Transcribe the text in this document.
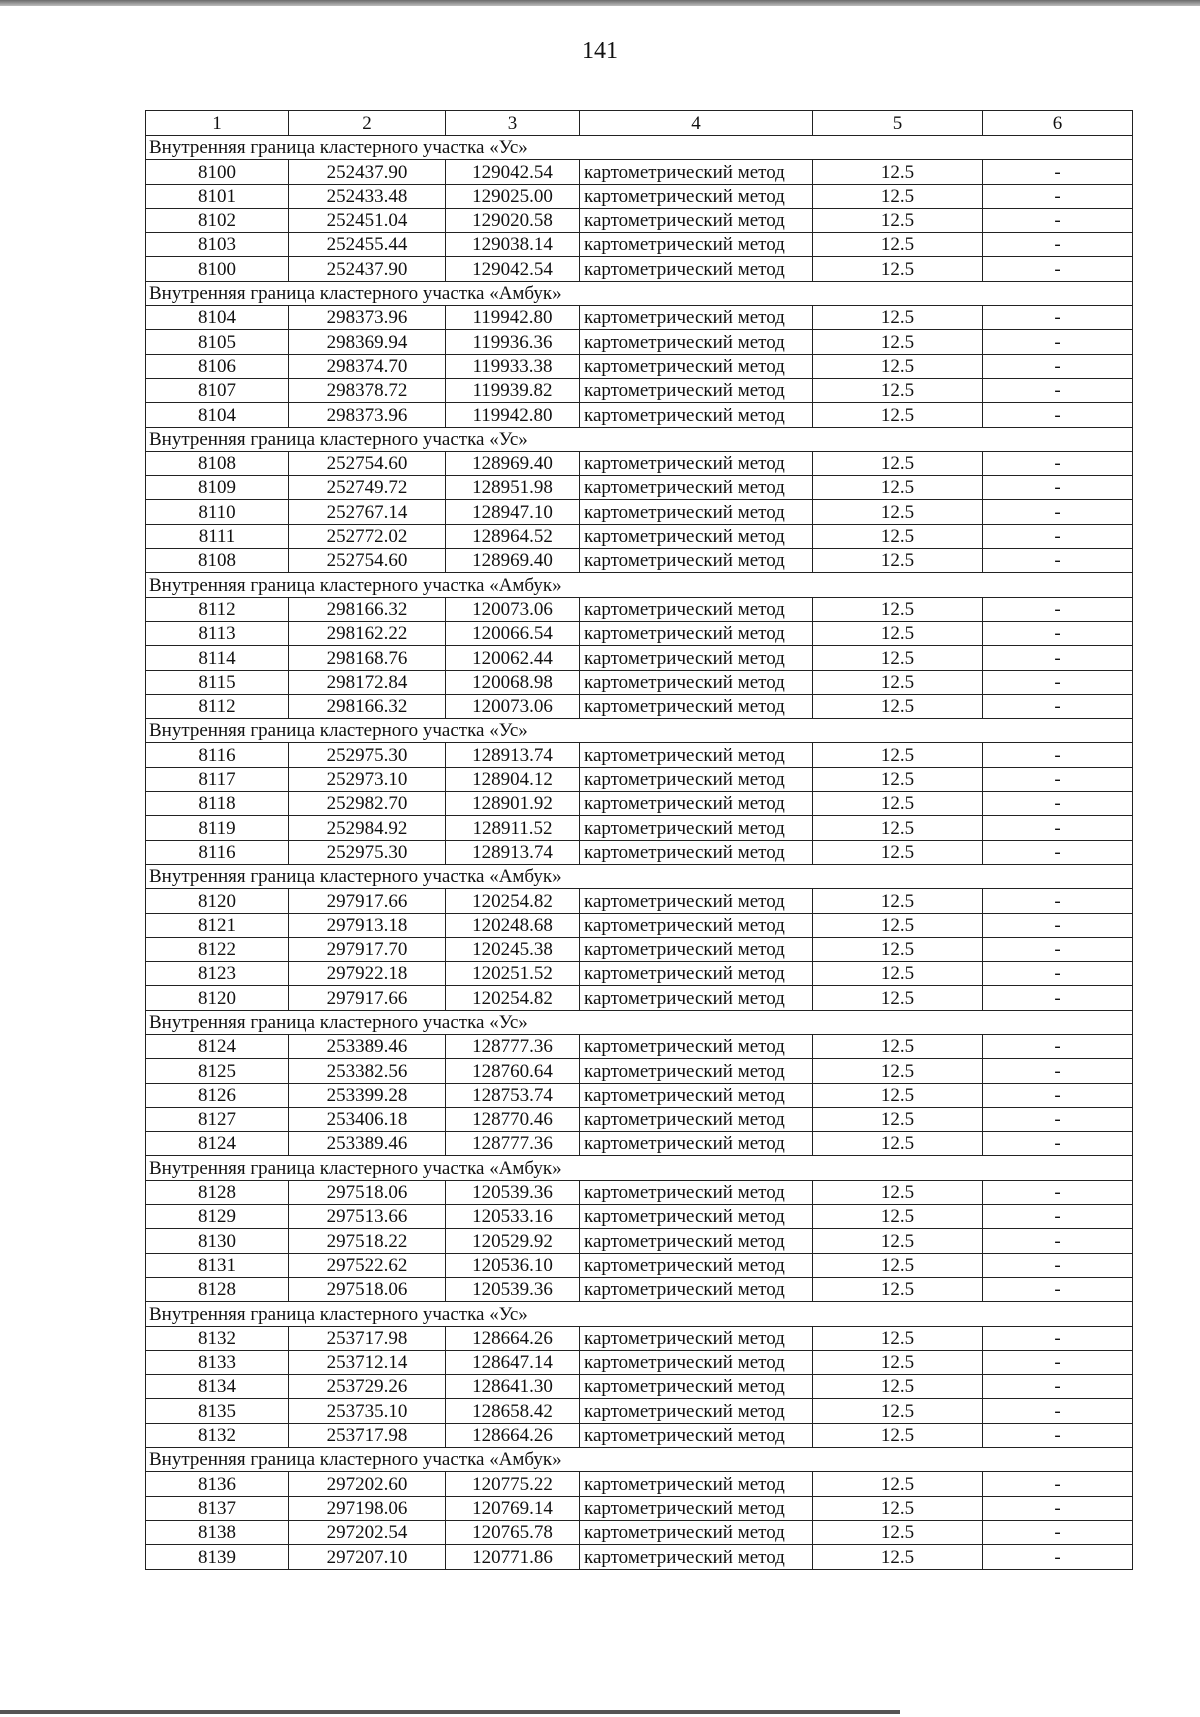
141
1	2	3	4	5	6
Внутренняя граница кластерного участка «Ус»					
8100	252437.90	129042.54	картометрический метод	12.5	-
8101	252433.48	129025.00	картометрический метод	12.5	-
8102	252451.04	129020.58	картометрический метод	12.5	-
8103	252455.44	129038.14	картометрический метод	12.5	-
8100	252437.90	129042.54	картометрический метод	12.5	-
Внутренняя граница кластерного участка «Амбук»					
8104	298373.96	119942.80	картометрический метод	12.5	-
8105	298369.94	119936.36	картометрический метод	12.5	-
8106	298374.70	119933.38	картометрический метод	12.5	-
8107	298378.72	119939.82	картометрический метод	12.5	-
8104	298373.96	119942.80	картометрический метод	12.5	-
Внутренняя граница кластерного участка «Ус»					
8108	252754.60	128969.40	картометрический метод	12.5	-
8109	252749.72	128951.98	картометрический метод	12.5	-
8110	252767.14	128947.10	картометрический метод	12.5	-
8111	252772.02	128964.52	картометрический метод	12.5	-
8108	252754.60	128969.40	картометрический метод	12.5	-
Внутренняя граница кластерного участка «Амбук»					
8112	298166.32	120073.06	картометрический метод	12.5	-
8113	298162.22	120066.54	картометрический метод	12.5	-
8114	298168.76	120062.44	картометрический метод	12.5	-
8115	298172.84	120068.98	картометрический метод	12.5	-
8112	298166.32	120073.06	картометрический метод	12.5	-
Внутренняя граница кластерного участка «Ус»					
8116	252975.30	128913.74	картометрический метод	12.5	-
8117	252973.10	128904.12	картометрический метод	12.5	-
8118	252982.70	128901.92	картометрический метод	12.5	-
8119	252984.92	128911.52	картометрический метод	12.5	-
8116	252975.30	128913.74	картометрический метод	12.5	-
Внутренняя граница кластерного участка «Амбук»					
8120	297917.66	120254.82	картометрический метод	12.5	-
8121	297913.18	120248.68	картометрический метод	12.5	-
8122	297917.70	120245.38	картометрический метод	12.5	-
8123	297922.18	120251.52	картометрический метод	12.5	-
8120	297917.66	120254.82	картометрический метод	12.5	-
Внутренняя граница кластерного участка «Ус»					
8124	253389.46	128777.36	картометрический метод	12.5	-
8125	253382.56	128760.64	картометрический метод	12.5	-
8126	253399.28	128753.74	картометрический метод	12.5	-
8127	253406.18	128770.46	картометрический метод	12.5	-
8124	253389.46	128777.36	картометрический метод	12.5	-
Внутренняя граница кластерного участка «Амбук»					
8128	297518.06	120539.36	картометрический метод	12.5	-
8129	297513.66	120533.16	картометрический метод	12.5	-
8130	297518.22	120529.92	картометрический метод	12.5	-
8131	297522.62	120536.10	картометрический метод	12.5	-
8128	297518.06	120539.36	картометрический метод	12.5	-
Внутренняя граница кластерного участка «Ус»					
8132	253717.98	128664.26	картометрический метод	12.5	-
8133	253712.14	128647.14	картометрический метод	12.5	-
8134	253729.26	128641.30	картометрический метод	12.5	-
8135	253735.10	128658.42	картометрический метод	12.5	-
8132	253717.98	128664.26	картометрический метод	12.5	-
Внутренняя граница кластерного участка «Амбук»					
8136	297202.60	120775.22	картометрический метод	12.5	-
8137	297198.06	120769.14	картометрический метод	12.5	-
8138	297202.54	120765.78	картометрический метод	12.5	-
8139	297207.10	120771.86	картометрический метод	12.5	-
